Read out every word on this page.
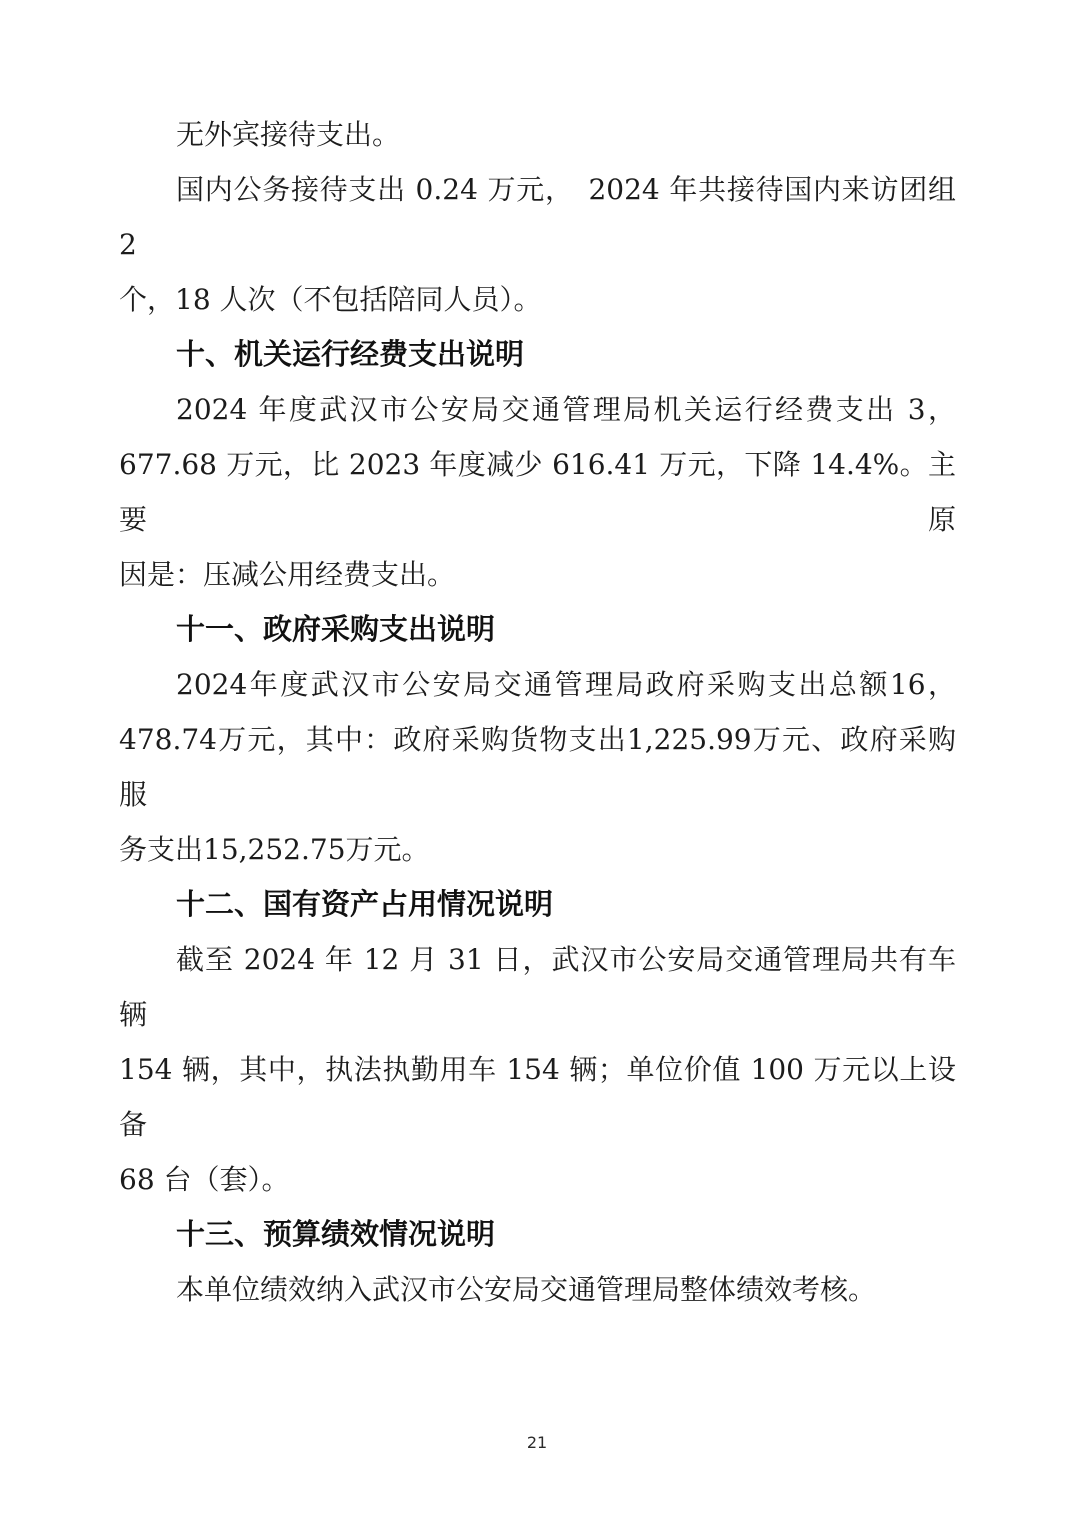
无外宾接待支出。
国内公务接待支出 0.24 万元，　2024 年共接待国内来访团组 2
个，18 人次（不包括陪同人员）。
十、机关运行经费支出说明
2024 年度武汉市公安局交通管理局机关运行经费支出 3，
677.68 万元，比 2023 年度减少 616.41 万元，下降 14.4%。主要原
因是：压减公用经费支出。
十一、政府采购支出说明
2024年度武汉市公安局交通管理局政府采购支出总额16，
478.74万元，其中：政府采购货物支出1,225.99万元、政府采购服
务支出15,252.75万元。
十二、国有资产占用情况说明
截至 2024 年 12 月 31 日，武汉市公安局交通管理局共有车辆
154 辆，其中，执法执勤用车 154 辆；单位价值 100 万元以上设备
68 台（套）。
十三、预算绩效情况说明
本单位绩效纳入武汉市公安局交通管理局整体绩效考核。
21
